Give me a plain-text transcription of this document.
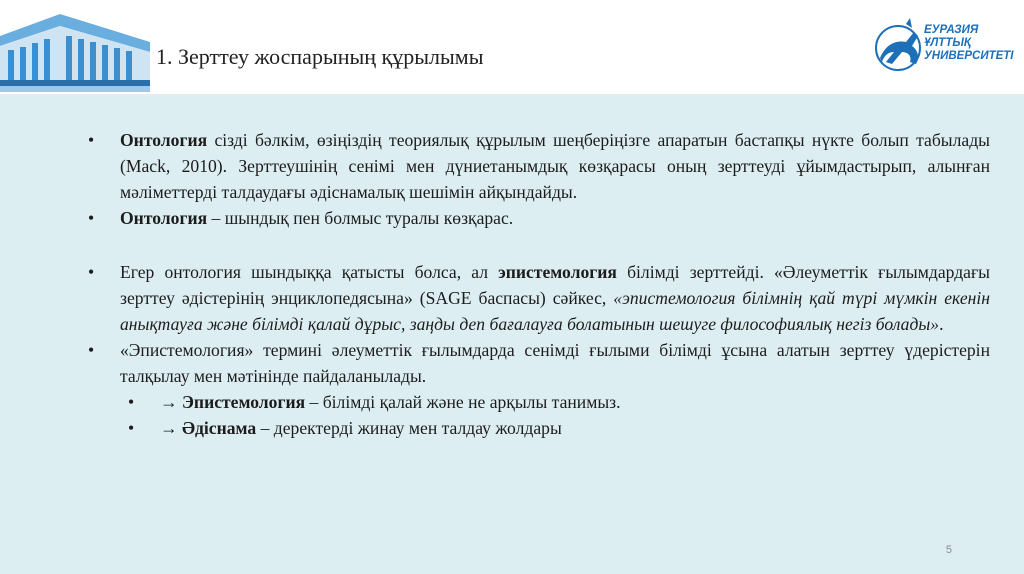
1. Зерттеу жоспарының құрылымы
ЕУРАЗИЯ
ҰЛТТЫҚ
УНИВЕРСИТЕТІ
• Онтология сізді бәлкім, өзіңіздің теориялық құрылым шеңберіңізге апаратын бастапқы нүкте болып табылады (Mack, 2010). Зерттеушінің сенімі мен дүниетанымдық көзқарасы оның зерттеуді ұйымдастырып, алынған мәліметтерді талдаудағы әдіснамалық шешімін айқындайды.
• Онтология – шындық пен болмыс туралы көзқарас.
• Егер онтология шындыққа қатысты болса, ал эпистемология білімді зерттейді. «Әлеуметтік ғылымдардағы зерттеу әдістерінің энциклопедясына» (SAGE баспасы) сәйкес, «эпистемология білімнің қай түрі мүмкін екенін анықтауға және білімді қалай дұрыс, заңды деп бағалауға болатынын шешуге философиялық негіз болады».
• «Эпистемология» термині әлеуметтік ғылымдарда сенімді ғылыми білімді ұсына алатын зерттеу үдерістерін талқылау мен мәтінінде пайдаланылады.
• → Эпистемология – білімді қалай және не арқылы танимыз.
• → Әдіснама – деректерді жинау мен талдау жолдары
5
